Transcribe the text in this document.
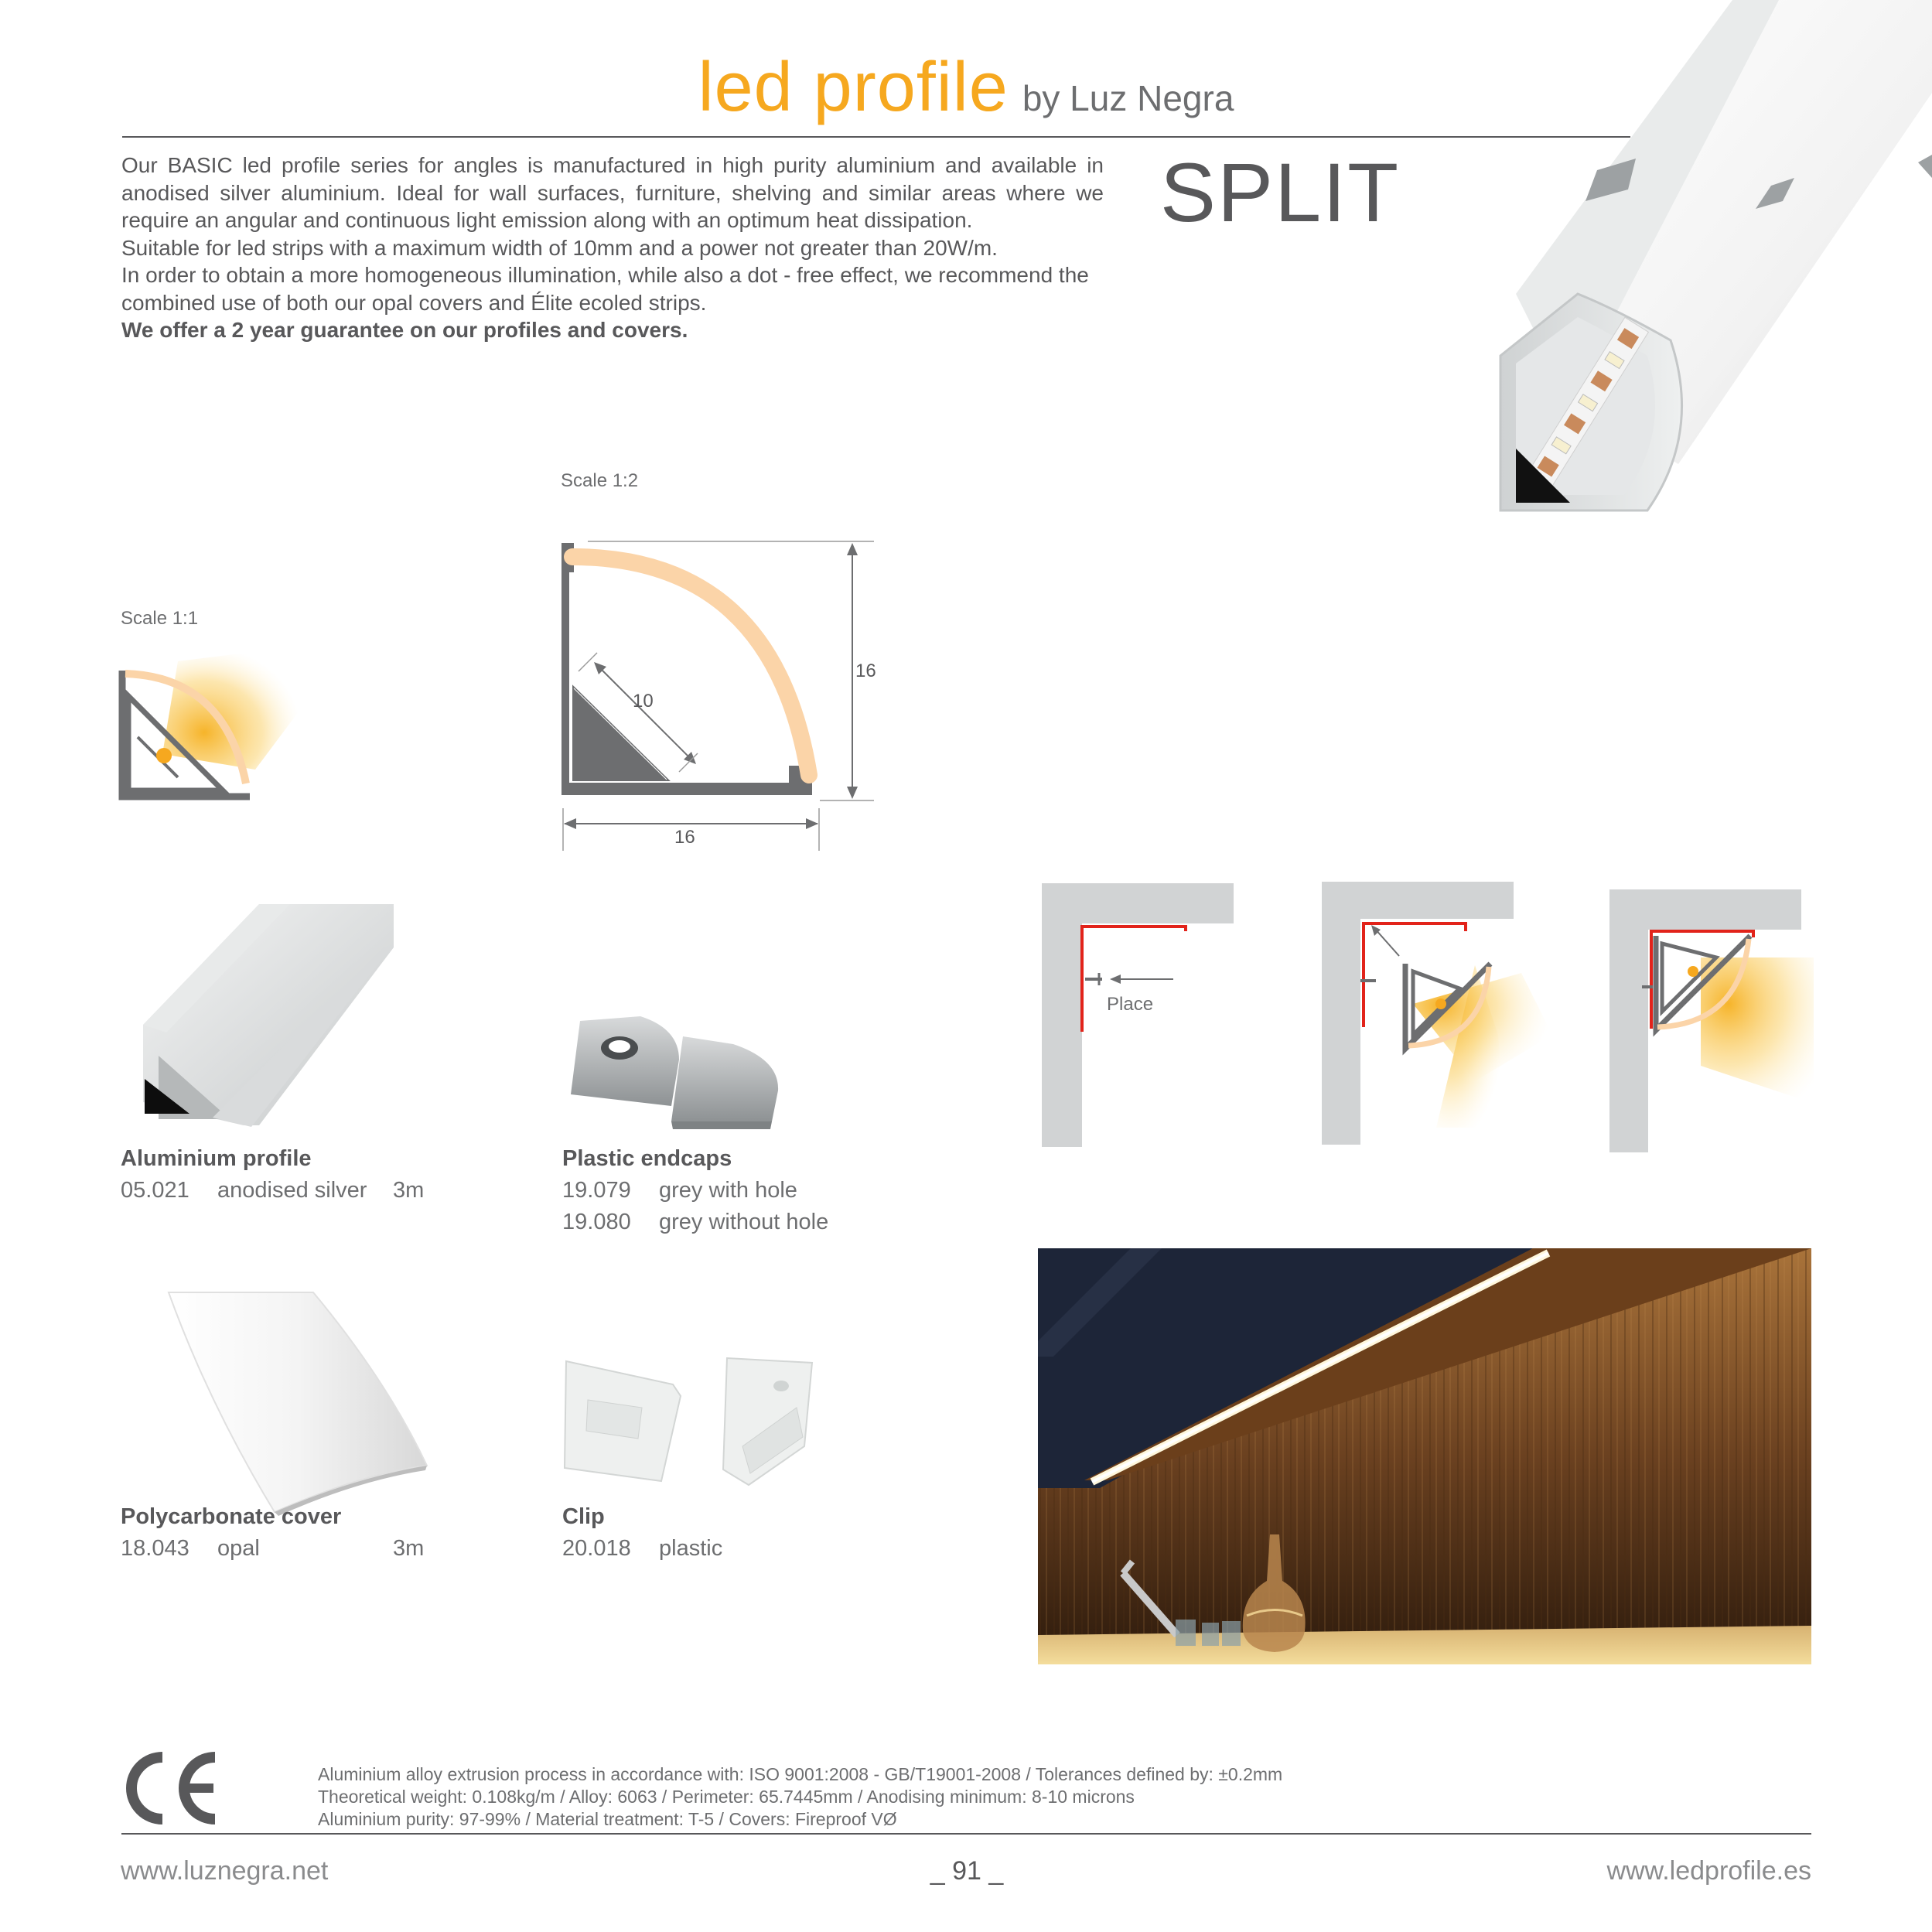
led profile by Luz Negra

Our BASIC led profile series for angles is manufactured in high purity aluminium and available in anodised silver aluminium. Ideal for wall surfaces, furniture, shelving and similar areas where we require an angular and continuous light emission along with an optimum heat dissipation.

Suitable for led strips with a maximum width of 10mm and a power not greater than 20W/m.

In order to obtain a more homogeneous illumination, while also a dot - free effect, we recommend the combined use of both our opal covers and Élite ecoled strips.

We offer a 2 year guarantee on our profiles and covers.

SPLIT
Scale 1:1
Scale 1:2
10
16
16
Place
Aluminium profile
05.021 anodised silver 3m
Plastic endcaps
19.079 grey with hole
19.080 grey without hole
Polycarbonate cover
18.043 opal	3m
Clip
20.018 plastic
Aluminium alloy extrusion process in accordance with: ISO 9001:2008 - GB/T19001-2008 / Tolerances defined by: ±0.2mm
Theoretical weight: 0.108kg/m / Alloy: 6063 / Perimeter: 65.7445mm / Anodising minimum: 8-10 microns
Aluminium purity: 97-99% / Material treatment: T-5 / Covers: Fireproof VØ
www.luznegra.net	_ 91 _	www.ledprofile.es
